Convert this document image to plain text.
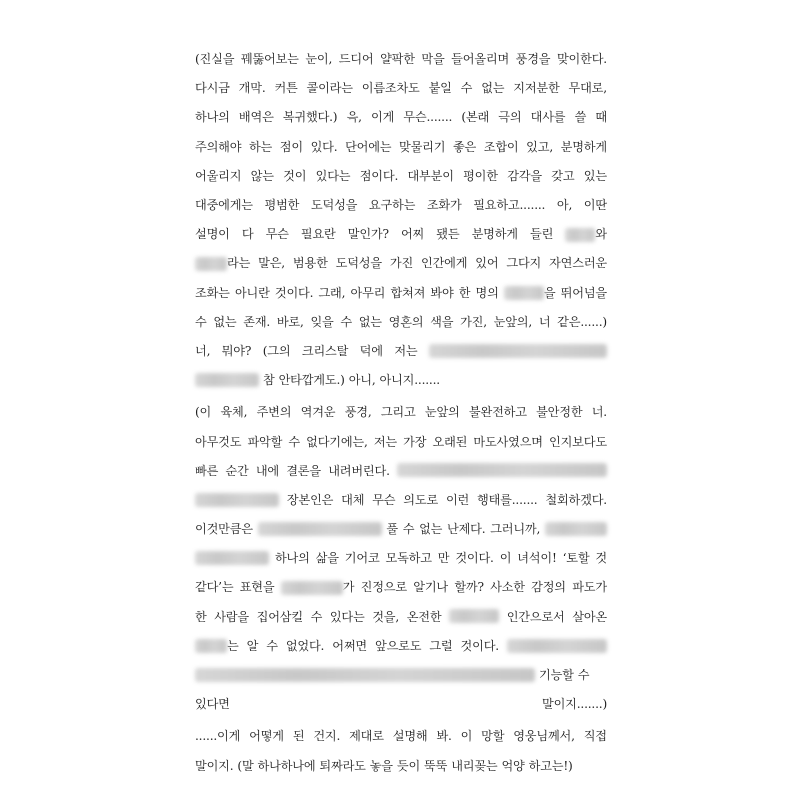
(진실을 꿰뚫어보는 눈이, 드디어 얄팍한 막을 들어올리며 풍경을 맞이한다.
다시금 개막. 커튼 콜이라는 이름조차도 붙일 수 없는 지저분한 무대로,
하나의 배역은 복귀했다.) 윽, 이게 무슨....... (본래 극의 대사를 쓸 때
주의해야 하는 점이 있다. 단어에는 맞물리기 좋은 조합이 있고, 분명하게
어울리지 않는 것이 있다는 점이다. 대부분이 평이한 감각을 갖고 있는
대중에게는 평범한 도덕성을 요구하는 조화가 필요하고....... 아, 이딴
설명이 다 무슨 필요란 말인가? 어찌 됐든 분명하게 들린	와
라는 말은, 범용한 도덕성을 가진 인간에게 있어 그다지 자연스러운
조화는 아니란 것이다. 그래, 아무리 합쳐져 봐야 한 명의	을 뛰어넘을
수 없는 존재. 바로, 잊을 수 없는 영혼의 색을 가진, 눈앞의, 너 같은......)
너, 뭐야? (그의 크리스탈 덕에 저는
참 안타깝게도.) 아니, 아니지.......
(이 육체, 주변의 역겨운 풍경, 그리고 눈앞의 불완전하고 불안정한 너.
아무것도 파악할 수 없다기에는, 저는 가장 오래된 마도사였으며 인지보다도
빠른 순간 내에 결론을 내려버린다.
장본인은 대체 무슨 의도로 이런 행태를....... 철회하겠다.
이것만큼은	풀 수 없는 난제다. 그러니까,
하나의 삶을 기어코 모독하고 만 것이다. 이 녀석이! ‘토할 것
같다’는 표현을	가 진정으로 알기나 할까? 사소한 감정의 파도가
한 사람을 집어삼킬 수 있다는 것을, 온전한	인간으로서 살아온
는 알 수 없었다. 어쩌면 앞으로도 그럴 것이다.
기능할 수
있다면	말이지.......)
......이게 어떻게 된 건지. 제대로 설명해 봐. 이 망할 영웅님께서, 직접
말이지. (말 하나하나에 퇴짜라도 놓을 듯이 뚝뚝 내리꽂는 억양 하고는!)
